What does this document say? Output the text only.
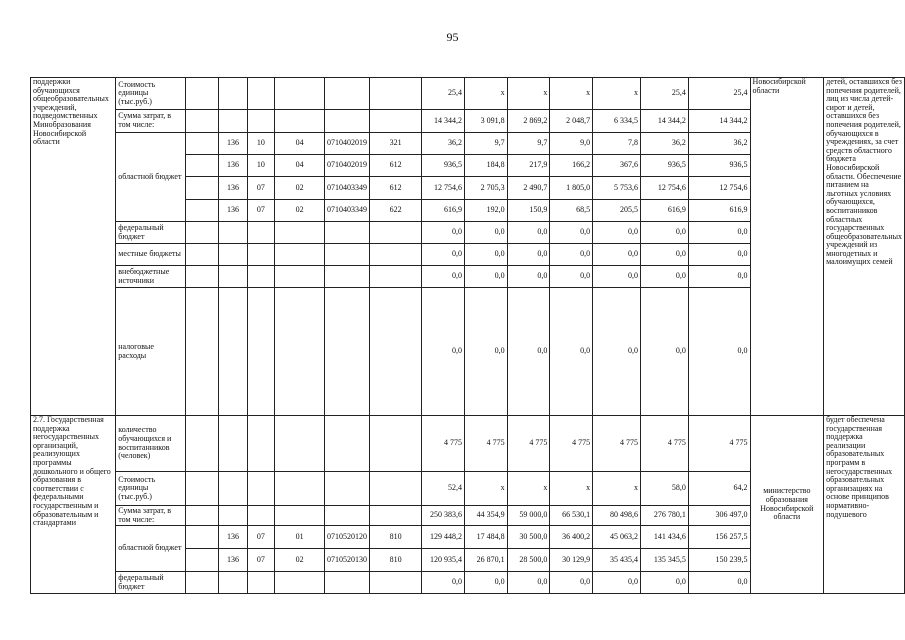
95
поддержки обучающихся общеобразовательных учреждений, подведомственных Минобразования Новосибирской области	Стоимость единицы (тыс.руб.)							25,4	x	x	x	x	25,4	25,4	Новосибирской области	детей, оставшихся без попечения родителей, лиц из числа детей-сирот и детей, оставшихся без попечения родителей, обучающихся в учреждениях, за счет средств областного бюджета Новосибирской области. Обеспечение питанием на льготных условиях обучающихся, воспитанников областных государственных общеобразовательных учреждений из многодетных и малоимущих семей
	Сумма затрат, в том числе:							14 344,2	3 091,8	2 869,2	2 048,7	6 334,5	14 344,2	14 344,2		
	областной бюджет		136	10	04	0710402019	321	36,2	9,7	9,7	9,0	7,8	36,2	36,2		
			136	10	04	0710402019	612	936,5	184,8	217,9	166,2	367,6	936,5	936,5		
			136	07	02	0710403349	612	12 754,6	2 705,3	2 490,7	1 805,0	5 753,6	12 754,6	12 754,6		
			136	07	02	0710403349	622	616,9	192,0	150,9	68,5	205,5	616,9	616,9		
	федеральный бюджет							0,0	0,0	0,0	0,0	0,0	0,0	0,0		
	местные бюджеты							0,0	0,0	0,0	0,0	0,0	0,0	0,0		
	внебюджетные источники							0,0	0,0	0,0	0,0	0,0	0,0	0,0		
	налоговые расходы							0,0	0,0	0,0	0,0	0,0	0,0	0,0		
2.7. Государственная поддержка негосударственных организаций, реализующих программы дошкольного и общего образования в соответствии с федеральными государственным и образовательным и стандартами	количество обучающихся и воспитанников (человек)							4 775	4 775	4 775	4 775	4 775	4 775	4 775	министерство образования Новосибирской области	будет обеспечена государственная поддержка реализации образовательных программ в негосударственных образовательных организациях на основе принципов нормативно-подушевого
	Стоимость единицы (тыс.руб.)							52,4	x	x	x	x	58,0	64,2		
	Сумма затрат, в том числе:							250 383,6	44 354,9	59 000,0	66 530,1	80 498,6	276 780,1	306 497,0		
	областной бюджет		136	07	01	0710520120	810	129 448,2	17 484,8	30 500,0	36 400,2	45 063,2	141 434,6	156 257,5		
			136	07	02	0710520130	810	120 935,4	26 870,1	28 500,0	30 129,9	35 435,4	135 345,5	150 239,5		
	федеральный бюджет							0,0	0,0	0,0	0,0	0,0	0,0	0,0		
